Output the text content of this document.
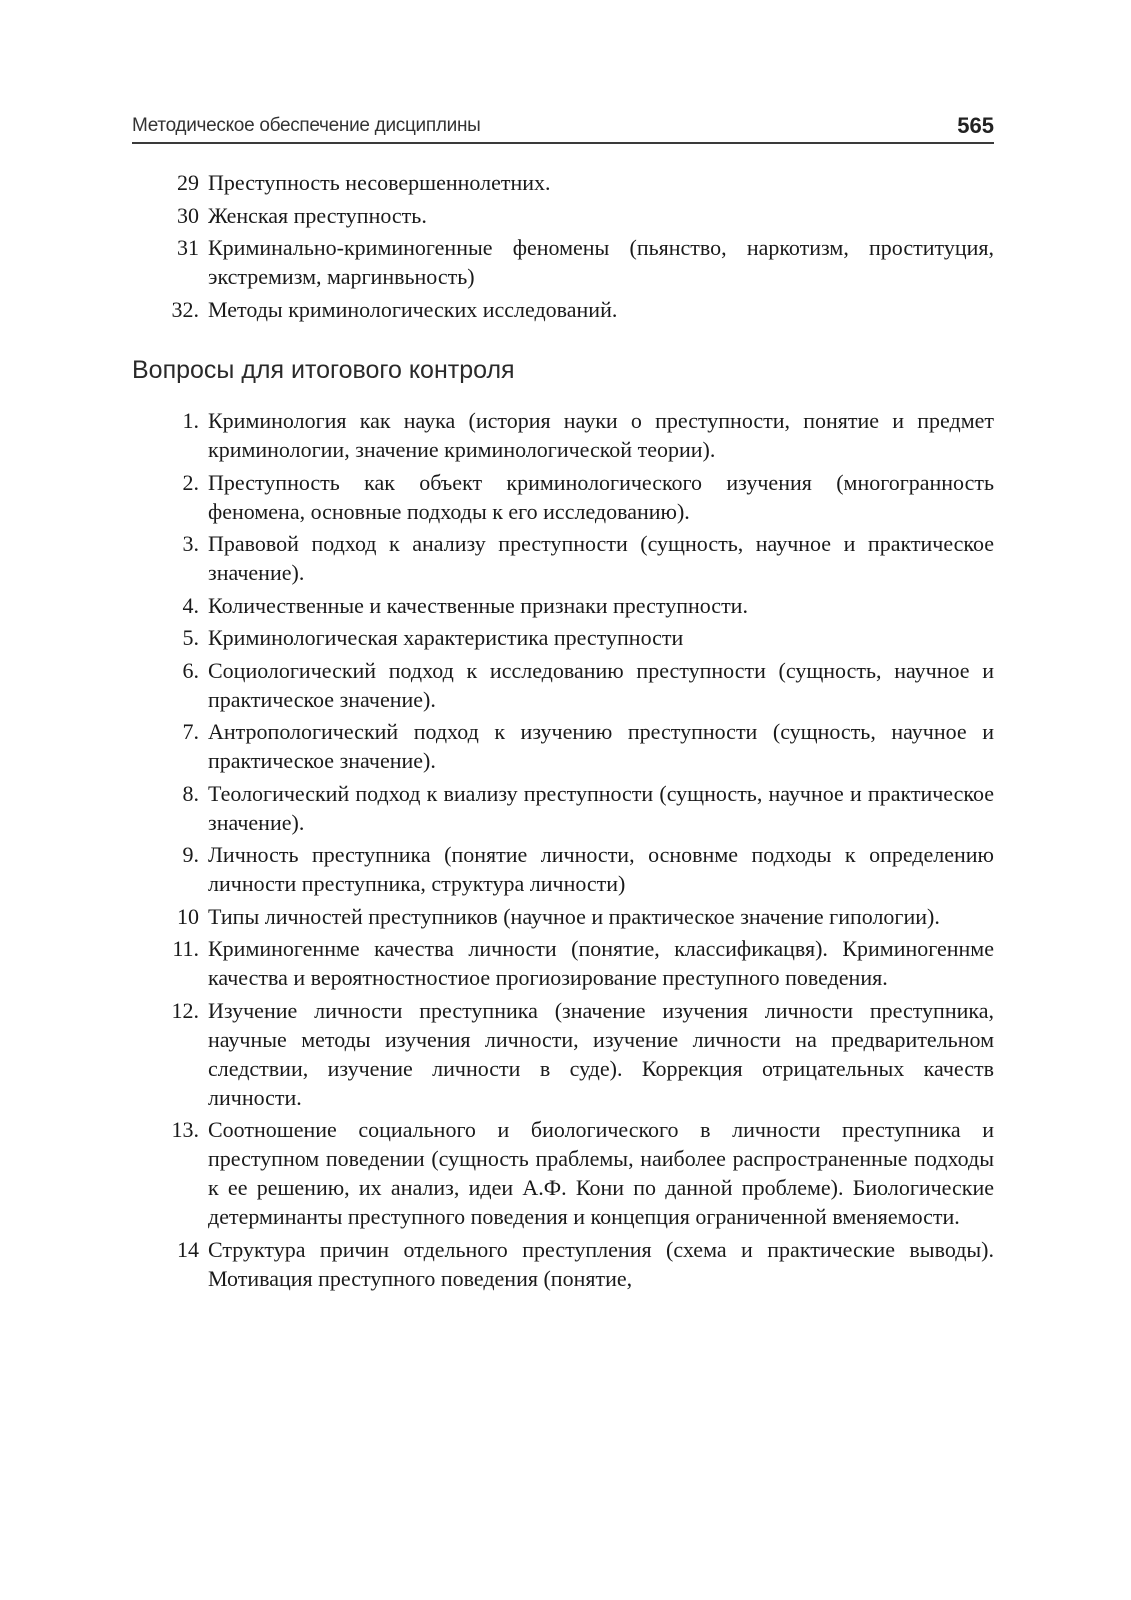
Методическое обеспечение дисциплины	565
29 Преступность несовершеннолетних.
30 Женская преступность.
31 Криминально-криминогенные феномены (пьянство, наркотизм, проституция, экстремизм, маргинвьность)
32. Методы криминологических исследований.
Вопросы для итогового контроля
1. Криминология как наука (история науки о преступности, понятие и предмет криминологии, значение криминологической теории).
2. Преступность как объект криминологического изучения (многогранность феномена, основные подходы к его исследованию).
3. Правовой подход к анализу преступности (сущность, научное и практическое значение).
4. Количественные и качественные признаки преступности.
5. Криминологическая характеристика преступности
6. Социологический подход к исследованию преступности (сущность, научное и практическое значение).
7. Антропологический подход к изучению преступности (сущность, научное и практическое значение).
8. Теологический подход к виализу преступности (сущность, научное и практическое значение).
9. Личность преступника (понятие личности, основнме подходы к определению личности преступника, структура личности)
10 Типы личностей преступников (научное и практическое значение гипологии).
11. Криминогеннме качества личности (понятие, классификацвя). Криминогеннме качества и вероятностностиое прогиозирование преступного поведения.
12. Изучение личности преступника (значение изучения личности преступника, научные методы изучения личности, изучение личности на предварительном следствии, изучение личности в суде). Коррекция отрицательных качеств личности.
13. Соотношение социального и биологического в личности преступника и преступном поведении (сущность праблемы, наиболее распространенные подходы к ее решению, их анализ, идеи А.Ф. Кони по данной проблеме). Биологические детерминанты преступного поведения и концепция ограниченной вменяемости.
14 Структура причин отдельного преступления (схема и практические выводы). Мотивация преступного поведения (понятие,
